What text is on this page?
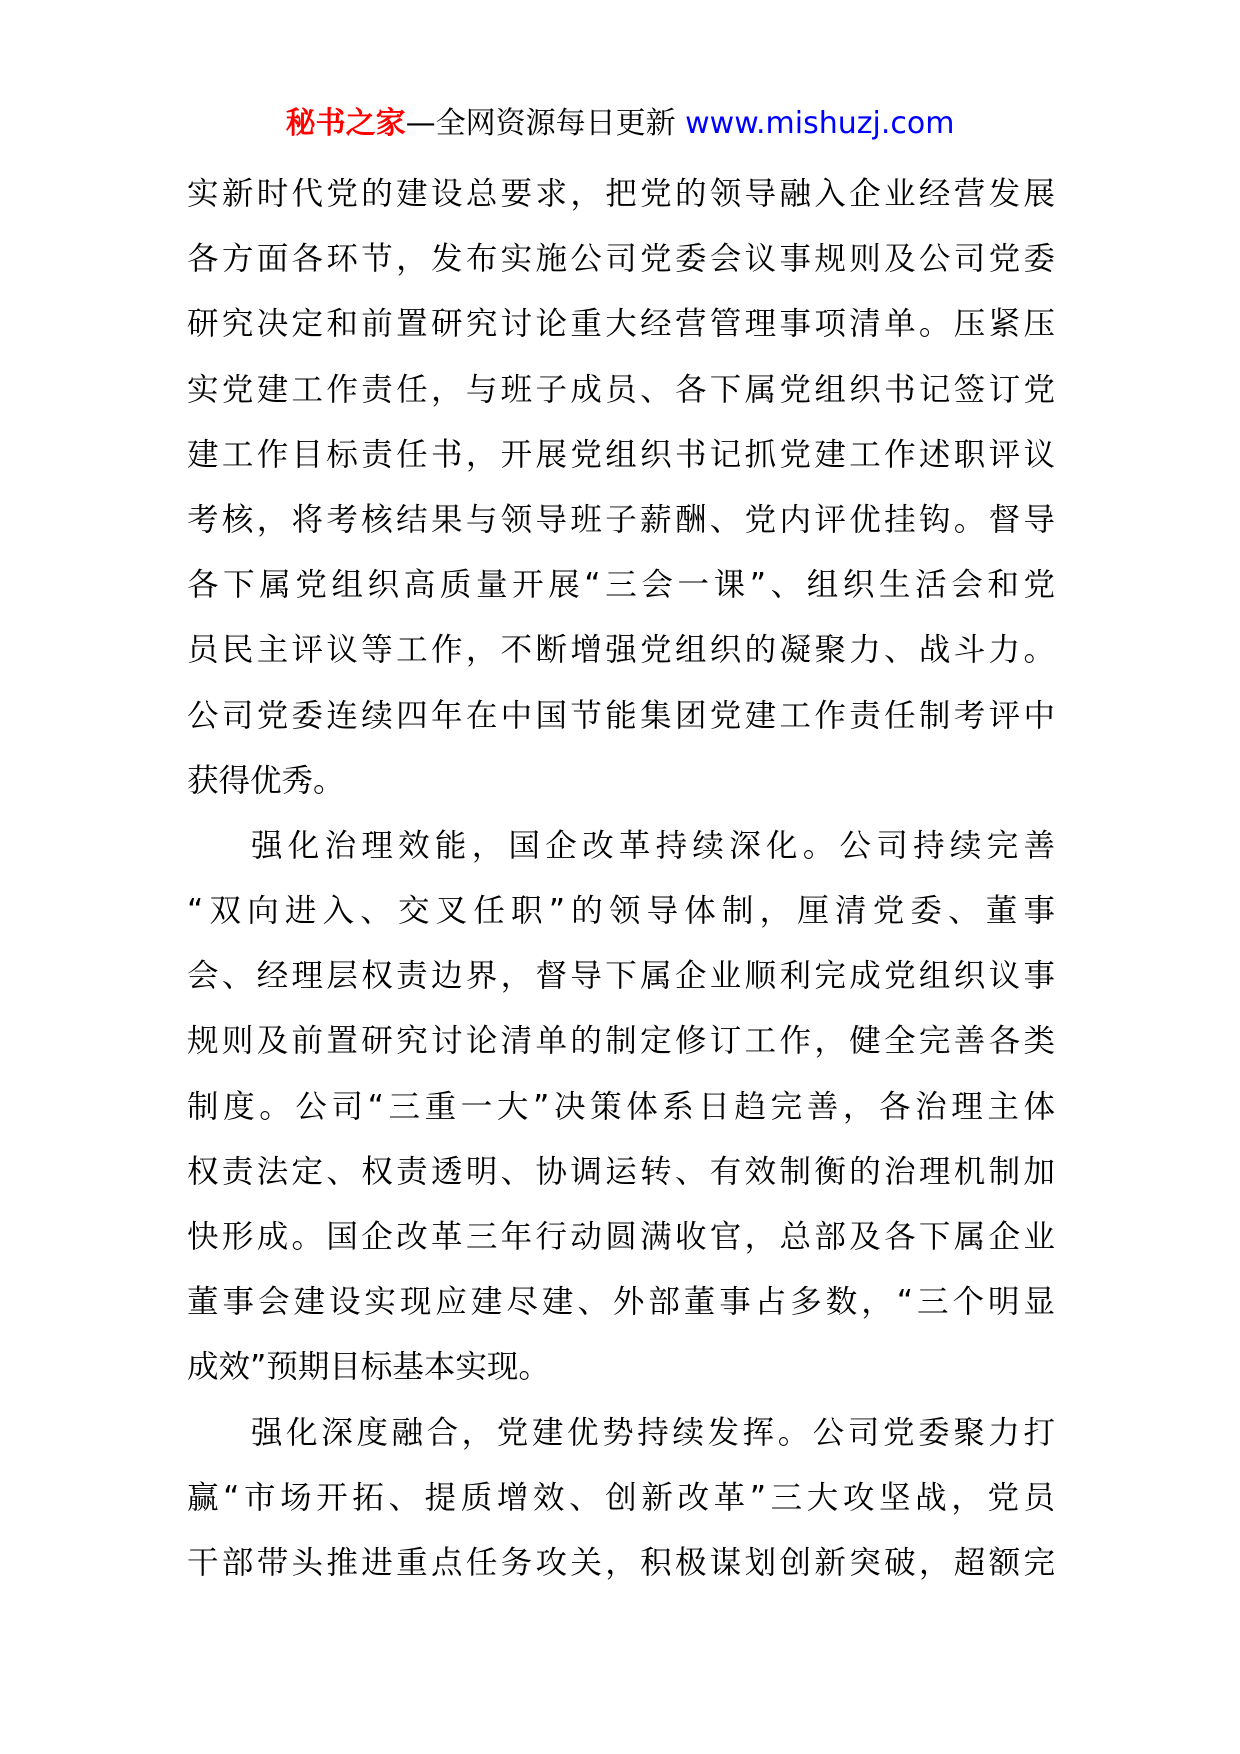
秘书之家—全网资源每日更新 www.mishuzj.com
实新时代党的建设总要求，把党的领导融入企业经营发展
各方面各环节，发布实施公司党委会议事规则及公司党委
研究决定和前置研究讨论重大经营管理事项清单。压紧压
实党建工作责任，与班子成员、各下属党组织书记签订党
建工作目标责任书，开展党组织书记抓党建工作述职评议
考核，将考核结果与领导班子薪酬、党内评优挂钩。督导
各下属党组织高质量开展“三会一课”、组织生活会和党
员民主评议等工作，不断增强党组织的凝聚力、战斗力。
公司党委连续四年在中国节能集团党建工作责任制考评中
获得优秀。
强化治理效能，国企改革持续深化。公司持续完善
“双向进入、交叉任职”的领导体制，厘清党委、董事
会、经理层权责边界，督导下属企业顺利完成党组织议事
规则及前置研究讨论清单的制定修订工作，健全完善各类
制度。公司“三重一大”决策体系日趋完善，各治理主体
权责法定、权责透明、协调运转、有效制衡的治理机制加
快形成。国企改革三年行动圆满收官，总部及各下属企业
董事会建设实现应建尽建、外部董事占多数，“三个明显
成效”预期目标基本实现。
强化深度融合，党建优势持续发挥。公司党委聚力打
赢“市场开拓、提质增效、创新改革”三大攻坚战，党员
干部带头推进重点任务攻关，积极谋划创新突破，超额完
